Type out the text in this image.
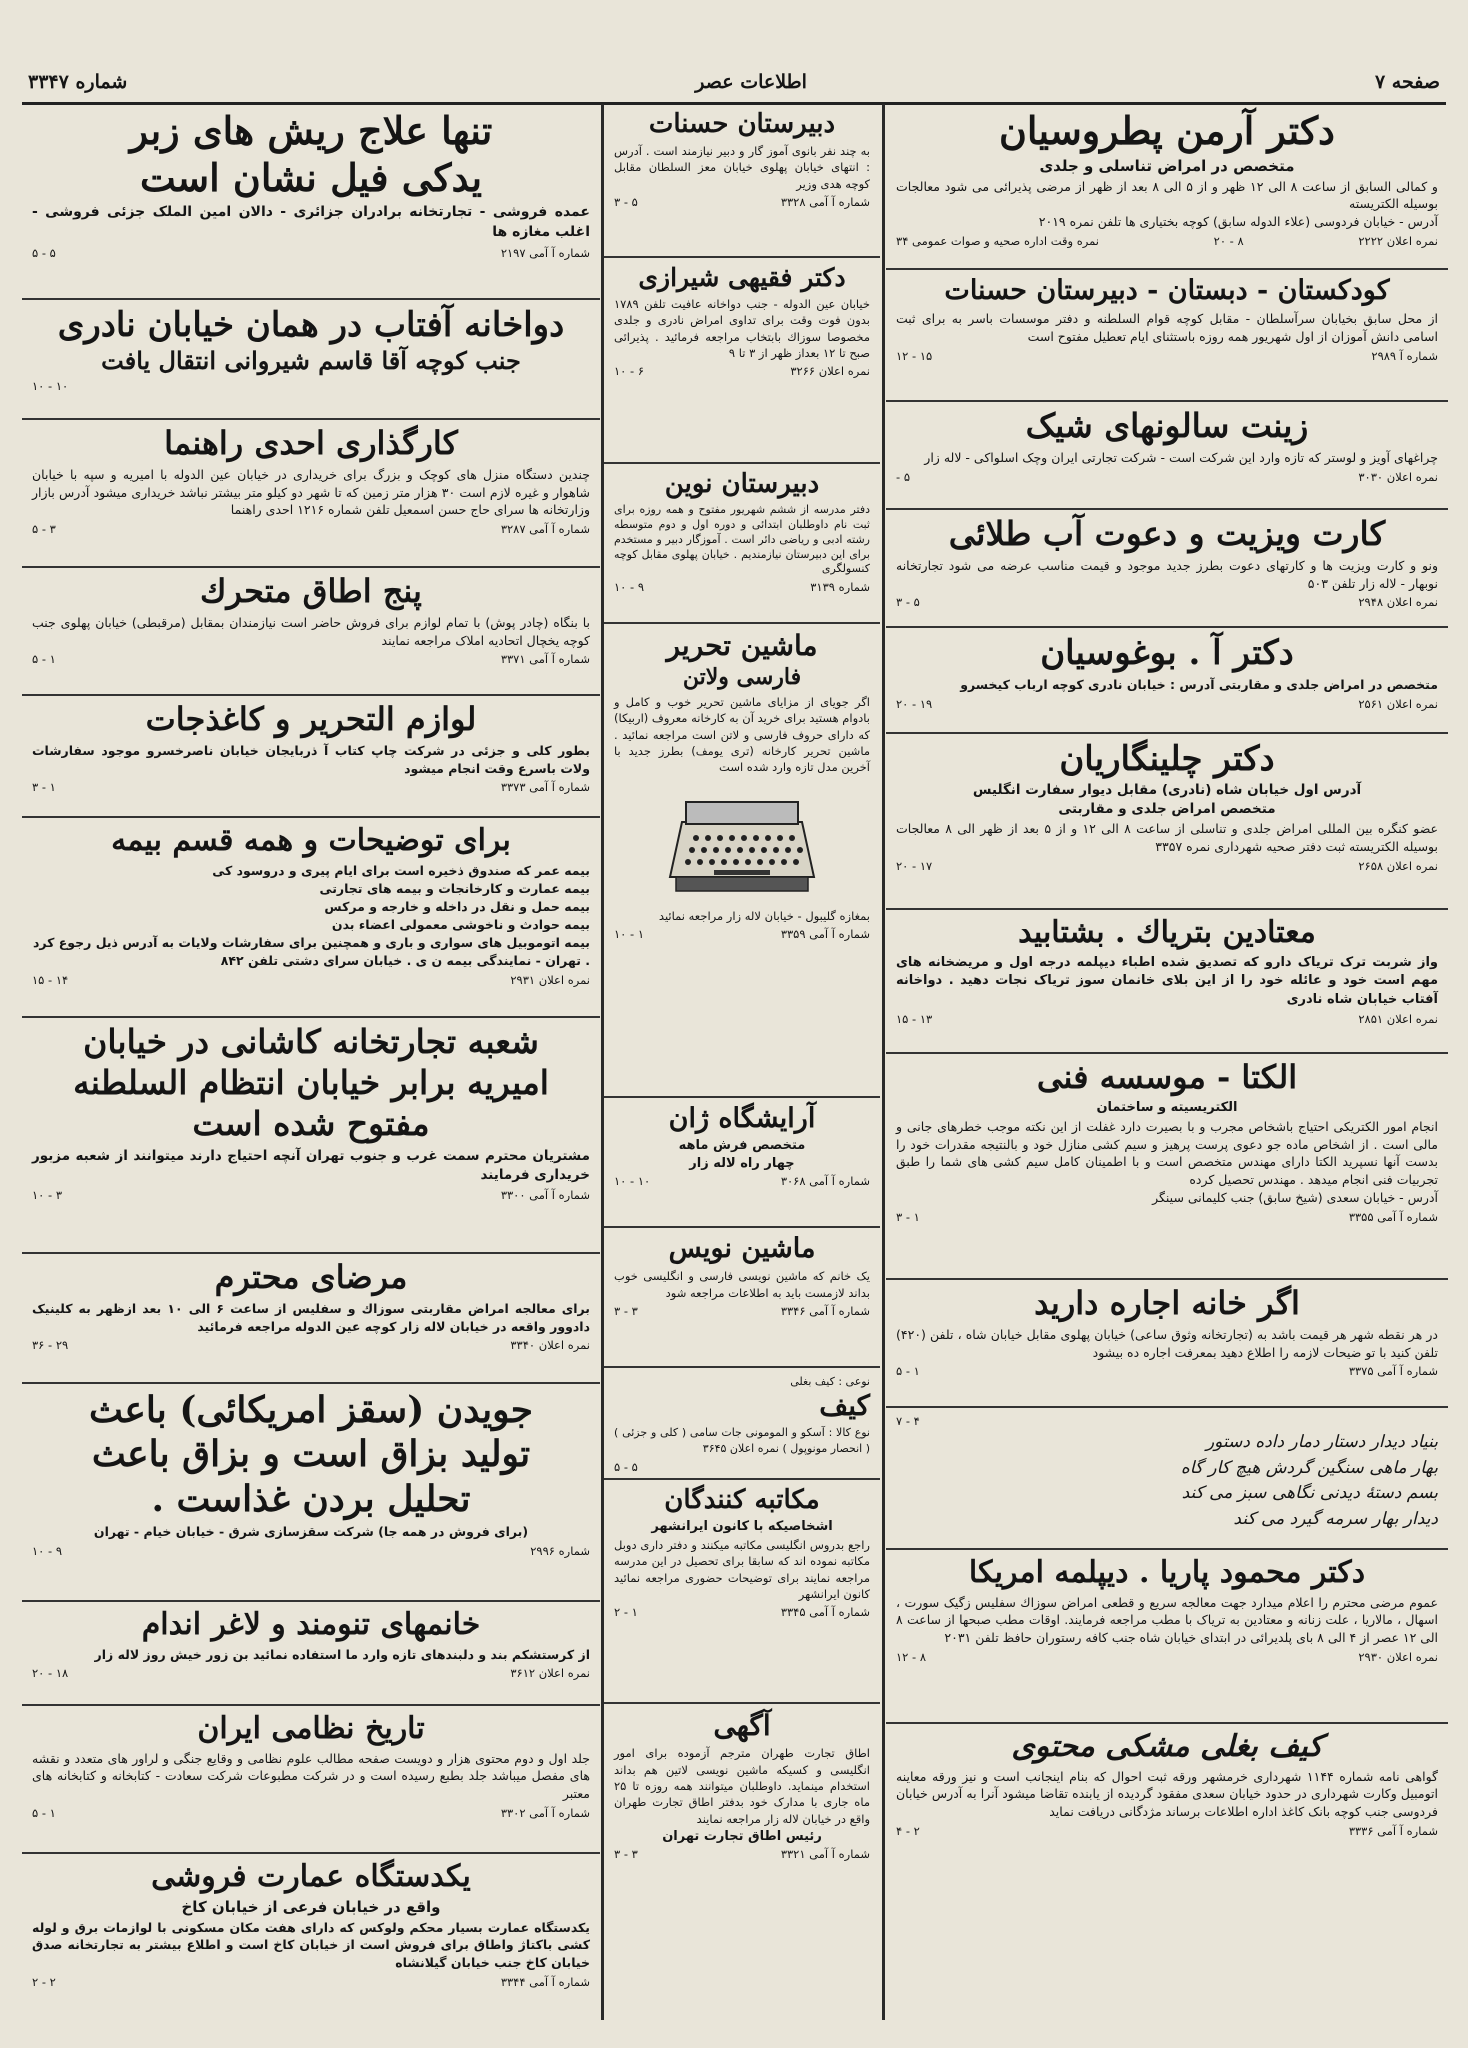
صفحه ۷
اطلاعات عصر
شماره ۳۳۴۷
دکتر آرمن پطروسیان
متخصص در امراض تناسلی و جلدی

و کمالی السابق از ساعت ۸ الی ۱۲ ظهر و از ۵ الی ۸ بعد از ظهر از مرضی پذیرائی می شود معالجات بوسیله الکتریسته

آدرس - خیابان فردوسی (علاء الدوله سابق) کوچه بختیاری ها تلفن نمره ۲۰۱۹

نمره اعلان ۲۲۲۲
۸ - ۲۰
نمره وقت اداره صحیه و صوات عمومی ۳۴
کودکستان - دبستان - دبیرستان حسنات

از محل سابق بخیابان سرآسلطان - مقابل کوچه قوام السلطنه و دفتر موسسات باسر به برای ثبت اسامی دانش آموزان از اول شهریور همه روزه باستثنای ایام تعطیل مفتوح است

شماره آ ۲۹۸۹
۱۵ - ۱۲
زینت سالونهای شیک

چراغهای آویز و لوستر که تازه وارد این شرکت است - شرکت تجارتی ایران وچک اسلواکی - لاله زار

نمره اعلان ۳۰۳۰
۵ -
کارت ویزیت و دعوت آب طلائی

ونو و کارت ویزیت ها و کارتهای دعوت بطرز جدید موجود و قیمت مناسب عرضه می شود تجارتخانه نوبهار - لاله زار تلفن ۵۰۳

نمره اعلان ۲۹۴۸
۵ - ۳
دکتر آ . بوغوسیان

متخصص در امراض جلدی و مقاربتی آدرس : خیابان نادری کوچه ارباب کیخسرو

نمره اعلان ۲۵۶۱
۱۹ - ۲۰
دکتر چلینگاریان
آدرس اول خیابان شاه (نادری) مقابل دیوار سفارت انگلیس
متخصص امراض جلدی و مقاربتی

عضو کنگره بین المللی امراض جلدی و تناسلی از ساعت ۸ الی ۱۲ و از ۵ بعد از ظهر الی ۸ معالجات بوسیله الکتریسته ثبت دفتر صحیه شهرداری نمره ۳۳۵۷

نمره اعلان ۲۶۵۸
۱۷ - ۲۰
معتادین بتریاك . بشتابید

واز شربت ترک تریاک دارو که تصدیق شده اطباء دیپلمه درجه اول و مریضخانه های مهم است خود و عائله خود را از این بلای خانمان سوز تریاک نجات دهید . دواخانه آفتاب خیابان شاه نادری

نمره اعلان ۲۸۵۱
۱۳ - ۱۵
الکتا - موسسه فنی
الکتریسیته و ساختمان

انجام امور الکتریکی احتیاج باشخاص مجرب و با بصیرت دارد غفلت از این نکته موجب خطرهای جانی و مالی است . از اشخاص ماده جو دعوی پرست پرهیز و سیم کشی منازل خود و بالنتیجه مقدرات خود را بدست آنها نسپرید الکتا دارای مهندس متخصص است و با اطمینان کامل سیم کشی های شما را طبق تجربیات فنی انجام میدهد . مهندس تحصیل کرده

آدرس - خیابان سعدی (شیخ سابق) جنب کلیمانی سینگر

شماره آ آمی ۳۳۵۵
۱ - ۳
اگر خانه اجاره دارید

در هر نقطه شهر هر قیمت باشد به (تجارتخانه وثوق ساعی) خیابان پهلوی مقابل خیابان شاه ، تلفن (۴۲۰) تلفن کنید با تو ضیحات لازمه را اطلاع دهید بمعرفت اجاره ده بیشود

شماره آ آمی ۳۳۷۵
۱ - ۵
۴ - ۷
بنیاد دیدار دستار دمار داده دستور
بهار ماهی سنگین گردش هیچ کار گاه
بسم دستهٔ دیدنی نگاهی سبز می کند
دیدار بهار سرمه گیرد می کند
دکتر محمود پاریا . دیپلمه امریکا

عموم مرضی محترم را اعلام میدارد جهت معالجه سریع و قطعی امراض سوزاك سفلیس زگیک سورت ، اسهال ، مالاریا ، علت زنانه و معتادین به تریاک با مطب مراجعه فرمایند. اوقات مطب صبحها از ساعت ۸ الی ۱۲ عصر از ۴ الی ۸ بای پلدیرائی در ابتدای خیابان شاه جنب کافه رستوران حافظ تلفن ۲۰۳۱

نمره اعلان ۲۹۳۰
۸ - ۱۲
کیف بغلی مشکی محتوی

گواهی نامه شماره ۱۱۴۴ شهرداری خرمشهر ورقه ثبت احوال که بنام اینجانب است و نیز ورقه معاینه اتومبیل وکارت شهرداری در حدود خیابان سعدی مفقود گردیده از یابنده تقاضا میشود آنرا به آدرس خیابان فردوسی جنب کوچه بانک کاغذ اداره اطلاعات برساند مژدگانی دریافت نماید

شماره آ آمی ۳۳۳۶
۲ - ۴
دبیرستان حسنات

به چند نفر بانوی آموز گار و دبیر نیازمند است . آدرس : انتهای خیابان پهلوی خیابان معز السلطان مقابل کوچه هدی وزیر

شماره آ آمی ۳۳۲۸
۵ - ۳
دکتر فقیهی شیرازی

خیابان عین الدوله - جنب دواخانه عافیت تلفن ۱۷۸۹ بدون فوت وقت برای تداوی امراض نادری و جلدی مخصوصا سوزاك بابتخاب مراجعه فرمائید . پذیرائی صبح تا ۱۲ بعداز ظهر از ۳ تا ۹

نمره اعلان ۳۲۶۶
۶ - ۱۰
دبیرستان نوین

دفتر مدرسه از ششم شهریور مفتوح و همه روزه برای ثبت نام داوطلبان ابتدائی و دوره اول و دوم متوسطه رشته ادبی و ریاضی دائر است . آموزگار دبیر و مستخدم برای این دبیرستان نیازمندیم . خیابان پهلوی مقابل کوچه کنسولگری

شماره ۳۱۳۹
۹ - ۱۰
ماشین تحریر
فارسی ولاتن

اگر جویای از مزایای ماشین تحریر خوب و کامل و بادوام هستید برای خرید آن به کارخانه معروف (اربیکا) که دارای حروف فارسی و لاتن است مراجعه نمائید . ماشین تحریر کارخانه (تری یومف) بطرز جدید با آخرین مدل تازه وارد شده است

بمغازه گلیبول - خیابان لاله زار مراجعه نمائید

شماره آ آمی ۳۳۵۹
۱ - ۱۰
آرایشگاه ژان
متخصص فرش ماهه
چهار راه لاله زار
شماره آ آمی ۳۰۶۸
۱۰ - ۱۰
ماشین نویس

یک خانم که ماشین نویسی فارسی و انگلیسی خوب بداند لازمست باید به اطلاعات مراجعه شود

شماره آ آمی ۳۳۴۶
۳ - ۳
نوعی : کیف بغلی
کیف

نوع کالا : آسکو و المومونی جات سامی ( کلی و جزئی ) ( انحصار مونوپول ) نمره اعلان ۳۶۴۵

۵ - ۵
مکاتبه کنندگان
اشخاصیکه با کانون ایرانشهر

راجع بدروس انگلیسی مکاتبه میکنند و دفتر داری دوبل مکاتبه نموده اند که سابقا برای تحصیل در این مدرسه مراجعه نمایند برای توضیحات حضوری مراجعه نمائید کانون ایرانشهر

شماره آ آمی ۳۳۴۵
۱ - ۲
آگهی

اطاق تجارت طهران مترجم آزموده برای امور انگلیسی و کسیکه ماشین نویسی لاتین هم بداند استخدام مینماید. داوطلبان میتوانند همه روزه تا ۲۵ ماه جاری با مدارک خود بدفتر اطاق تجارت طهران واقع در خیابان لاله زار مراجعه نمایند

رئیس اطاق تجارت تهران
شماره آ آمی ۳۳۲۱
۳ - ۳
تنها علاج ریش های زبر
یدکی فیل نشان است

عمده فروشی - تجارتخانه برادران جزائری - دالان امین الملک جزئی فروشی - اغلب مغازه ها

شماره آ آمی ۲۱۹۷
۵ - ۵
دواخانه آفتاب در همان خیابان نادری
جنب کوچه آقا قاسم شیروانی انتقال یافت
۱۰ - ۱۰
کارگذاری احدی راهنما

چندین دستگاه منزل های کوچک و بزرگ برای خریداری در خیابان عین الدوله با امیریه و سپه با خیابان شاهوار و غیره لازم است ۳۰ هزار متر زمین که تا شهر دو کیلو متر بیشتر نباشد خریداری میشود آدرس بازار وزارتخانه ها سرای حاج حسن اسمعیل تلفن شماره ۱۲۱۶ احدی راهنما

شماره آ آمی ۳۲۸۷
۳ - ۵
پنج اطاق متحرك

با بنگاه (چادر پوش) با تمام لوازم برای فروش حاضر است نیازمندان بمقابل (مرقبطی) خیابان پهلوی جنب کوچه یخچال اتحادیه املاک مراجعه نمایند

شماره آ آمی ۳۳۷۱
۱ - ۵
لوازم التحریر و کاغذجات

بطور کلی و جزئی در شرکت چاپ کتاب آ ذربایجان خیابان ناصرخسرو موجود سفارشات ولات باسرع وقت انجام میشود

شماره آ آمی ۳۳۷۳
۱ - ۳
برای توضیحات و همه قسم بیمه
بیمه عمر که صندوق ذخیره است برای ایام پیری و دروسود کی
بیمه عمارت و کارخانجات و بیمه های تجارتی
بیمه حمل و نقل در داخله و خارجه و مرکس
بیمه حوادث و ناخوشی معمولی اعضاء بدن
بیمه اتوموبیل های سواری و باری و همچنین برای سفارشات ولایات به آدرس ذیل رجوع کرد . تهران - نمایندگی بیمه ن ی . خیابان سرای دشتی تلفن ۸۴۲
نمره اعلان ۲۹۳۱
۱۴ - ۱۵
شعبه تجارتخانه کاشانی در خیابان
امیریه برابر خیابان انتظام السلطنه
مفتوح شده است

مشتریان محترم سمت غرب و جنوب تهران آنچه احتیاج دارند میتوانند از شعبه مزبور خریداری فرمایند

شماره آ آمی ۳۳۰۰
۳ - ۱۰
مرضای محترم

برای معالجه امراض مقاربتی سوزاك و سفلیس از ساعت ۶ الی ۱۰ بعد ازظهر به کلینیک دادوور واقعه در خیابان لاله زار کوچه عین الدوله مراجعه فرمائید

نمره اعلان ۳۳۴۰
۲۹ - ۳۶
جویدن (سقز امریکائی) باعث
تولید بزاق است و بزاق باعث
تحلیل بردن غذاست .

(برای فروش در همه جا) شرکت سقزسازی شرق - خیابان خیام - تهران

شماره ۲۹۹۶
۹ - ۱۰
خانمهای تنومند و لاغر اندام

از کرستشکم بند و دلبندهای تازه وارد ما استفاده نمائید بن زور خیش روز لاله زار

نمره اعلان ۳۶۱۲
۱۸ - ۲۰
تاریخ نظامی ایران

جلد اول و دوم محتوی هزار و دویست صفحه مطالب علوم نظامی و وقایع جنگی و لراور های متعدد و نقشه های مفصل میباشد جلد بطبع رسیده است و در شرکت مطبوعات شرکت سعادت - کتابخانه و کتابخانه های معتبر

شماره آ آمی ۳۳۰۲
۱ - ۵
یکدستگاه عمارت فروشی
واقع در خیابان فرعی از خیابان کاخ

یکدستگاه عمارت بسیار محکم ولوکس که دارای هفت مکان مسکونی با لوازمات برق و لوله کشی باکتاژ واطاق برای فروش است از خیابان کاخ است و اطلاع بیشتر به تجارتخانه صدق خیابان کاخ جنب خیابان گیلانشاه

شماره آ آمی ۳۳۴۴
۲ - ۲
